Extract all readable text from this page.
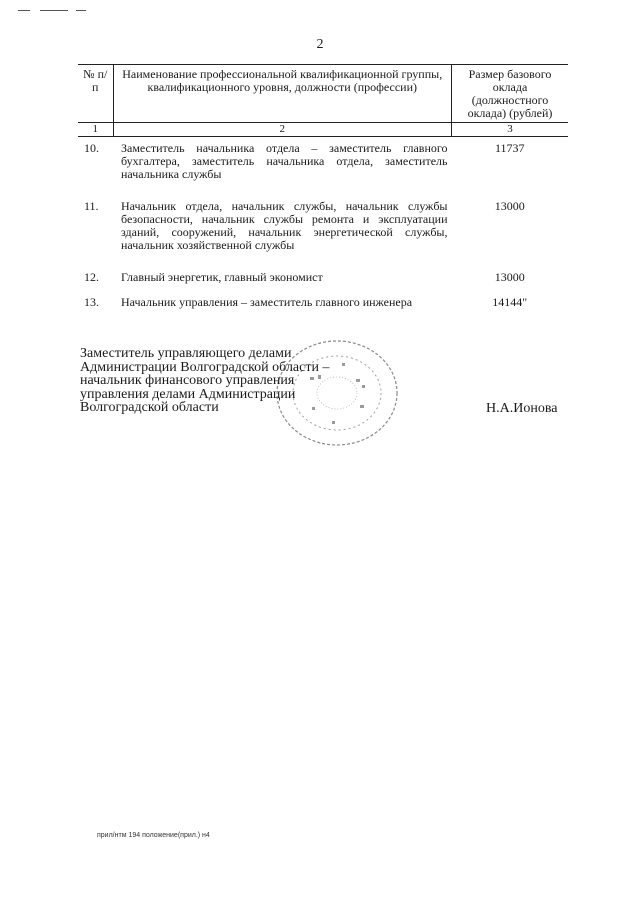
2
№ п/п	Наименование профессиональной квалификационной группы, квалификационного уровня, должности (профессии)	Размер базового оклада (должностного оклада) (рублей)
1	2	3
10.	Заместитель начальника отдела – заместитель главного бухгалтера, заместитель начальника отдела, заместитель начальника службы	11737

11.	Начальник отдела, начальник службы, начальник службы безопасности, начальник службы ремонта и эксплуатации зданий, сооружений, начальник энергетической службы, начальник хозяйственной службы	13000

12.	Главный энергетик, главный экономист	13000

13.	Начальник управления – заместитель главного инженера	14144"
Заместитель управляющего делами
Администрации Волгоградской области –
начальник финансового управления
управления делами Администрации
Волгоградской области	Н.А.Ионова
прил/нтм 194 положение(прил.) н4
